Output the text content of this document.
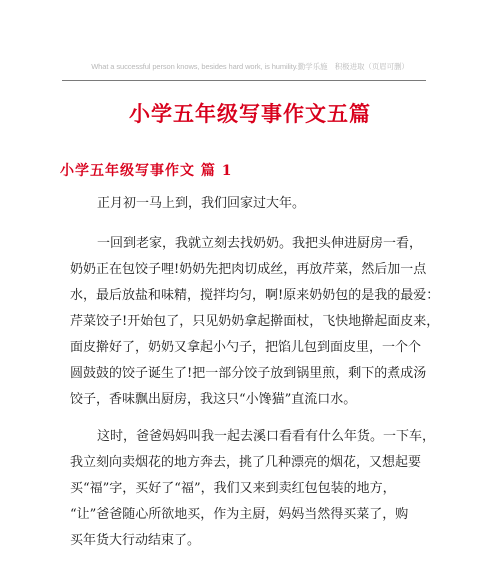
What a successful person knows, besides hard work, is humility.勤学乐施　积极进取（页眉可删）
小学五年级写事作文五篇
小学五年级写事作文 篇 1
正月初一马上到，我们回家过大年。
一回到老家，我就立刻去找奶奶。我把头伸进厨房一看，
奶奶正在包饺子哩!奶奶先把肉切成丝，再放芹菜，然后加一点
水，最后放盐和味精，搅拌均匀，啊!原来奶奶包的是我的最爱：
芹菜饺子!开始包了，只见奶奶拿起擀面杖，飞快地擀起面皮来，
面皮擀好了，奶奶又拿起小勺子，把馅儿包到面皮里，一个个
圆鼓鼓的饺子诞生了!把一部分饺子放到锅里煎，剩下的煮成汤
饺子，香味飘出厨房，我这只“小馋猫”直流口水。
这时，爸爸妈妈叫我一起去溪口看看有什么年货。一下车，
我立刻向卖烟花的地方奔去，挑了几种漂亮的烟花，又想起要
买“福”字，买好了“福”，我们又来到卖红包包装的地方，
“让”爸爸随心所欲地买，作为主厨，妈妈当然得买菜了，购
买年货大行动结束了。
